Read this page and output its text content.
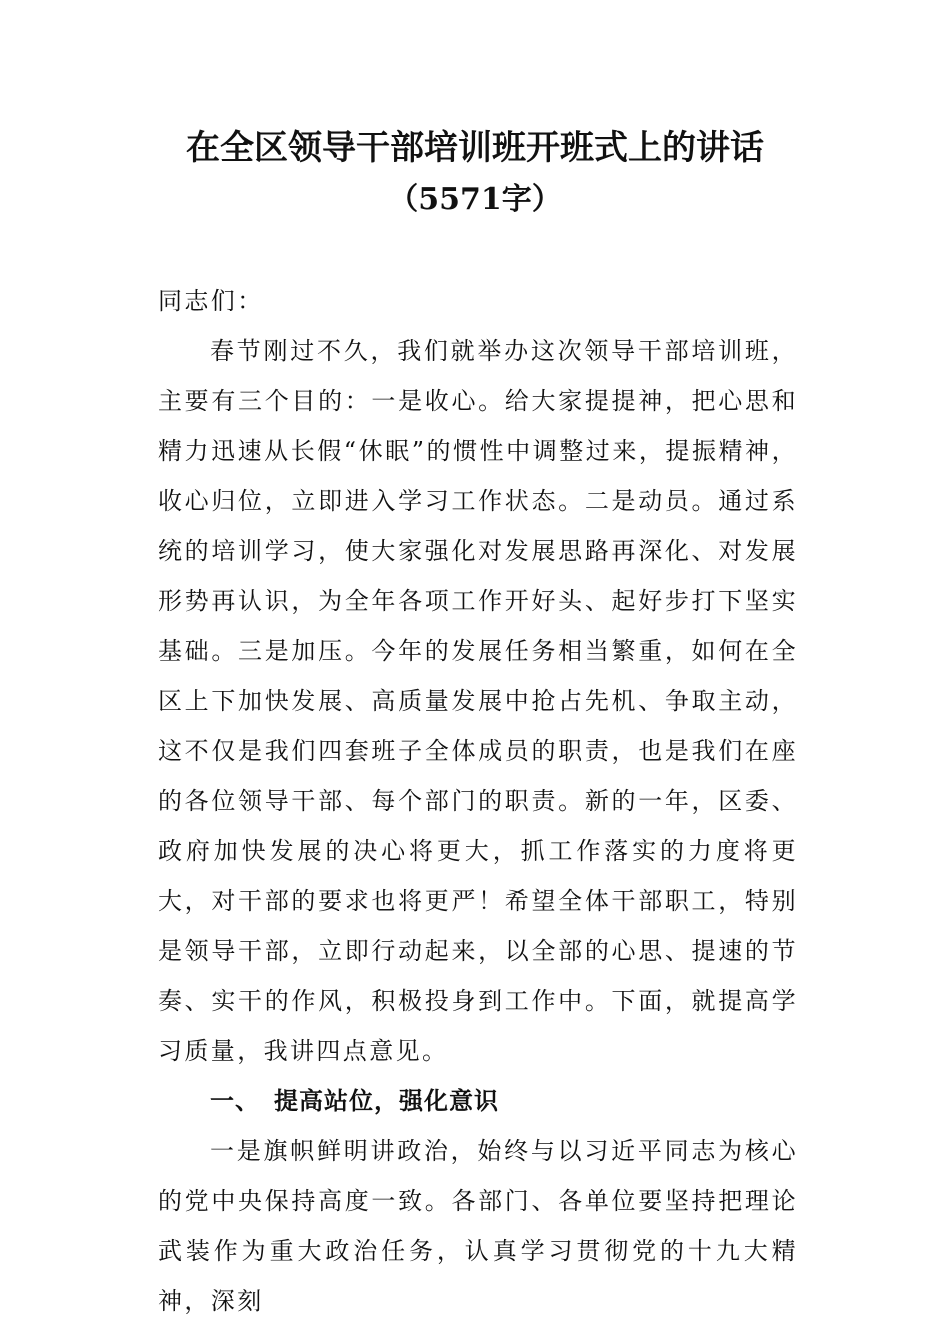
在全区领导干部培训班开班式上的讲话
（5571字）

同志们：

春节刚过不久，我们就举办这次领导干部培训班，主要有三个目的：一是收心。给大家提提神，把心思和精力迅速从长假“休眠”的惯性中调整过来，提振精神，收心归位，立即进入学习工作状态。二是动员。通过系统的培训学习，使大家强化对发展思路再深化、对发展形势再认识，为全年各项工作开好头、起好步打下坚实基础。三是加压。今年的发展任务相当繁重，如何在全区上下加快发展、高质量发展中抢占先机、争取主动，这不仅是我们四套班子全体成员的职责，也是我们在座的各位领导干部、每个部门的职责。新的一年，区委、政府加快发展的决心将更大，抓工作落实的力度将更大，对干部的要求也将更严！希望全体干部职工，特别是领导干部，立即行动起来，以全部的心思、提速的节奏、实干的作风，积极投身到工作中。下面，就提高学习质量，我讲四点意见。

一、 提高站位，强化意识

一是旗帜鲜明讲政治，始终与以习近平同志为核心的党中央保持高度一致。各部门、各单位要坚持把理论武装作为重大政治任务，认真学习贯彻党的十九大精神，深刻
